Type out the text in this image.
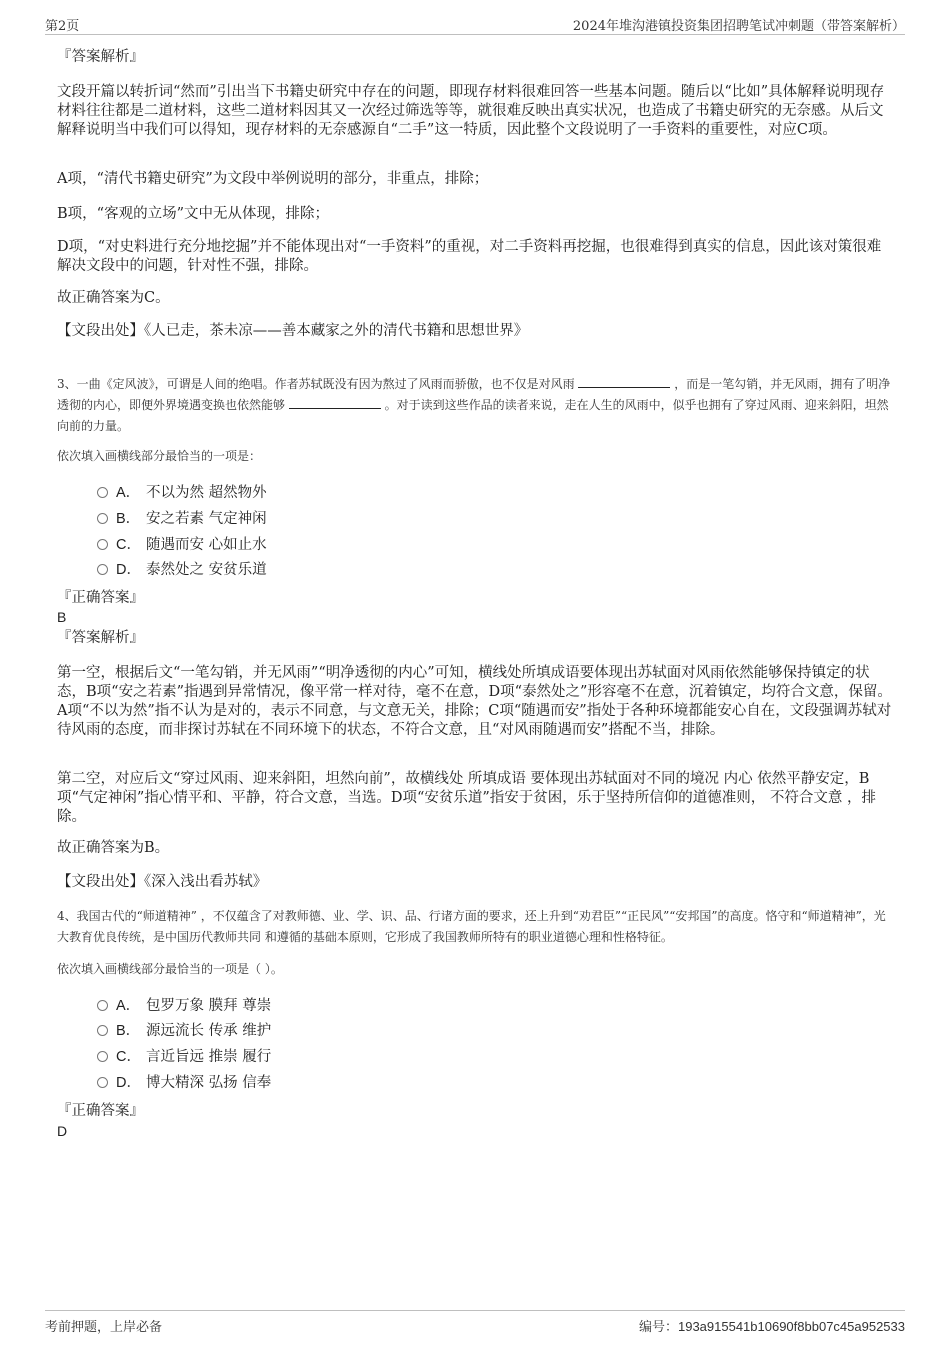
第2页	2024年堆沟港镇投资集团招聘笔试冲刺题（带答案解析）
『答案解析』
文段开篇以转折词“然而”引出当下书籍史研究中存在的问题，即现存材料很难回答一些基本问题。随后以“比如”具体解释说明现存材料往往都是二道材料，这些二道材料因其又一次经过筛选等等，就很难反映出真实状况，也造成了书籍史研究的无奈感。从后文解释说明当中我们可以得知，现存材料的无奈感源自“二手”这一特质，因此整个文段说明了一手资料的重要性，对应C项。
A项，“清代书籍史研究”为文段中举例说明的部分，非重点，排除；
B项，“客观的立场”文中无从体现，排除；
D项，“对史料进行充分地挖掘”并不能体现出对“一手资料”的重视，对二手资料再挖掘，也很难得到真实的信息，因此该对策很难解决文段中的问题，针对性不强，排除。
故正确答案为C。
【文段出处】《人已走，茶未凉——善本藏家之外的清代书籍和思想世界》
3、一曲《定风波》，可谓是人间的绝唱。作者苏轼既没有因为熬过了风雨而骄傲，也不仅是对风雨	，而是一笔勾销，并无风雨，拥有了明净透彻的内心，即便外界境遇变换也依然能够	。对于读到这些作品的读者来说，走在人生的风雨中，似乎也拥有了穿过风雨、迎来斜阳，坦然向前的力量。
依次填入画横线部分最恰当的一项是：
A． 不以为然 超然物外
B． 安之若素 气定神闲
C． 随遇而安 心如止水
D． 泰然处之 安贫乐道
『正确答案』
B
『答案解析』
第一空，根据后文“一笔勾销，并无风雨”“明净透彻的内心”可知，横线处所填成语要体现出苏轼面对风雨依然能够保持镇定的状态，B项“安之若素”指遇到异常情况，像平常一样对待，毫不在意，D项“泰然处之”形容毫不在意，沉着镇定，均符合文意，保留。A项“不以为然”指不认为是对的，表示不同意，与文意无关，排除；C项“随遇而安”指处于各种环境都能安心自在，文段强调苏轼对待风雨的态度，而非探讨苏轼在不同环境下的状态，不符合文意，且“对风雨随遇而安”搭配不当，排除。
第二空，对应后文“穿过风雨、迎来斜阳，坦然向前”，故横线处 所填成语 要体现出苏轼面对不同的境况 内心 依然平静安定，B项“气定神闲”指心情平和、平静，符合文意，当选。D项“安贫乐道”指安于贫困，乐于坚持所信仰的道德准则， 不符合文意 ，排除。
故正确答案为B。
【文段出处】《深入浅出看苏轼》
4、我国古代的“师道精神” ，不仅蕴含了对教师德、业、学、识、品、行诸方面的要求，还上升到“劝君臣”“正民风”“安邦国”的高度。恪守和“师道精神”，光大教育优良传统，是中国历代教师共同 和遵循的基础本原则，它形成了我国教师所特有的职业道德心理和性格特征。
依次填入画横线部分最恰当的一项是（ ）。
A． 包罗万象 膜拜 尊崇
B． 源远流长 传承 维护
C． 言近旨远 推崇 履行
D． 博大精深 弘扬 信奉
『正确答案』
D
考前押题，上岸必备	编号：193a915541b10690f8bb07c45a952533
